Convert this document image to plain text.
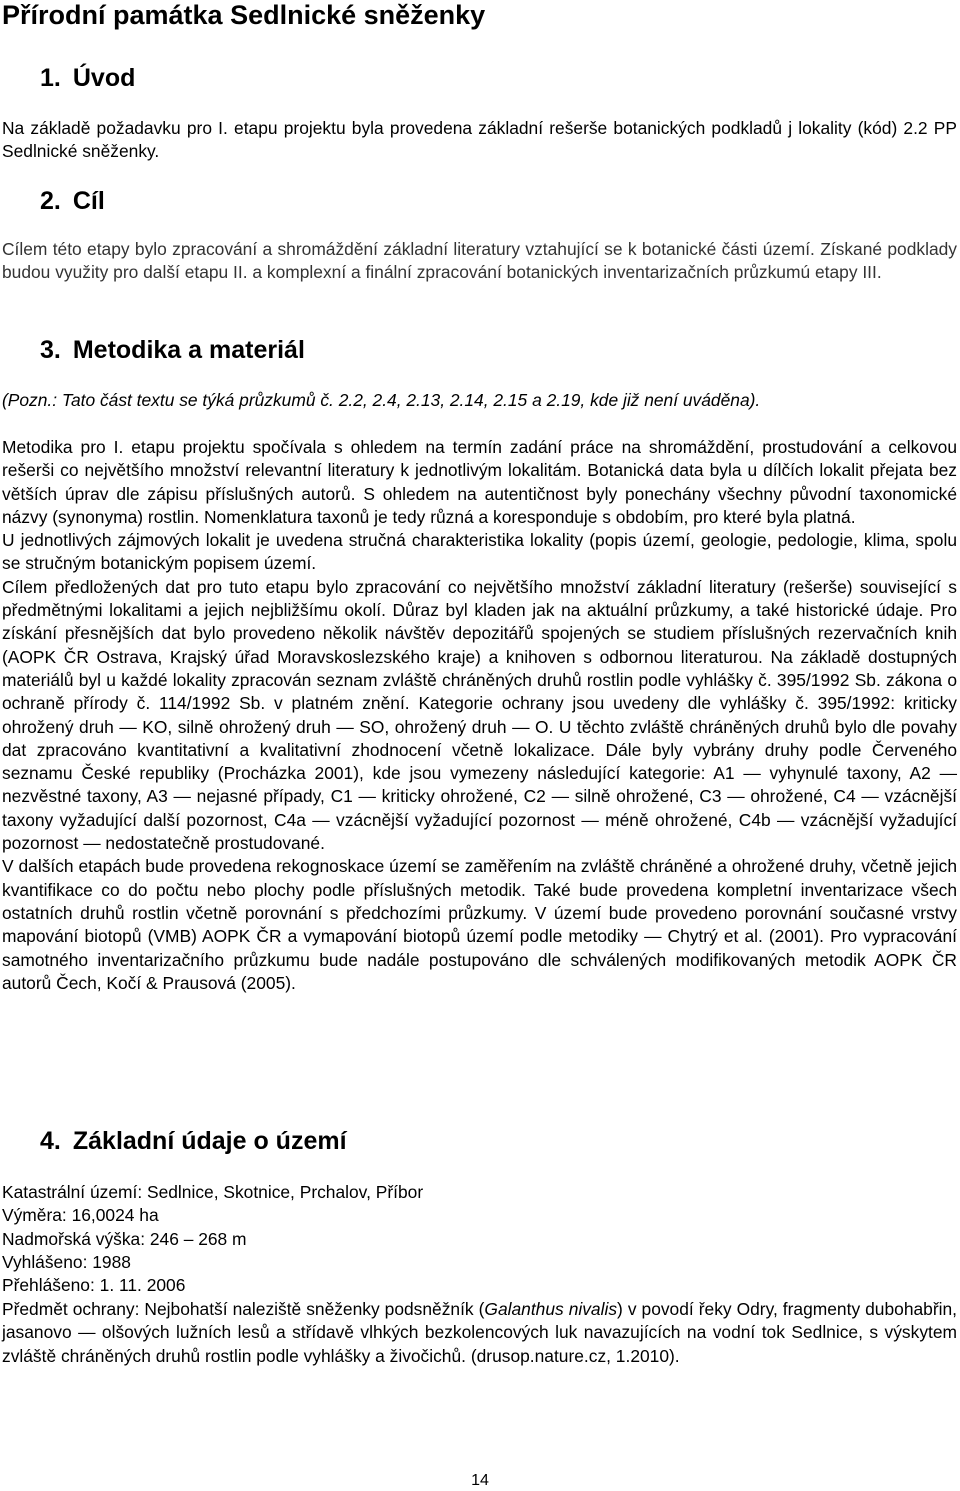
Přírodní památka Sedlnické sněženky
1. Úvod

Na základě požadavku pro I. etapu projektu byla provedena základní rešerše botanických podkladů j lokality (kód) 2.2 PP Sedlnické sněženky.

2. Cíl

Cílem této etapy bylo zpracování a shromáždění základní literatury vztahující se k botanické části území. Získané podklady budou využity pro další etapu II. a komplexní a finální zpracování botanických inventarizačních průzkumú etapy III.

3. Metodika a materiál

(Pozn.: Tato část textu se týká průzkumů č. 2.2, 2.4, 2.13, 2.14, 2.15 a 2.19, kde již není uváděna).

Metodika pro I. etapu projektu spočívala s ohledem na termín zadání práce na shromáždění, prostudování a celkovou rešerši co největšího množství relevantní literatury k jednotlivým lokalitám. Botanická data byla u dílčích lokalit přejata bez větších úprav dle zápisu příslušných autorů. S ohledem na autentičnost byly ponechány všechny původní taxonomické názvy (synonyma) rostlin. Nomenklatura taxonů je tedy různá a koresponduje s obdobím, pro které byla platná.

U jednotlivých zájmových lokalit je uvedena stručná charakteristika lokality (popis území, geologie, pedologie, klima, spolu se stručným botanickým popisem území.

Cílem předložených dat pro tuto etapu bylo zpracování co největšího množství základní literatury (rešerše) související s předmětnými lokalitami a jejich nejbližšímu okolí. Důraz byl kladen jak na aktuální průzkumy, a také historické údaje. Pro získání přesnějších dat bylo provedeno několik návštěv depozitářů spojených se studiem příslušných rezervačních knih (AOPK ČR Ostrava, Krajský úřad Moravskoslezského kraje) a knihoven s odbornou literaturou. Na základě dostupných materiálů byl u každé lokality zpracován seznam zvláště chráněných druhů rostlin podle vyhlášky č. 395/1992 Sb. zákona o ochraně přírody č. 114/1992 Sb. v platném znění. Kategorie ochrany jsou uvedeny dle vyhlášky č. 395/1992: kriticky ohrožený druh — KO, silně ohrožený druh — SO, ohrožený druh — O. U těchto zvláště chráněných druhů bylo dle povahy dat zpracováno kvantitativní a kvalitativní zhodnocení včetně lokalizace. Dále byly vybrány druhy podle Červeného seznamu České republiky (Procházka 2001), kde jsou vymezeny následující kategorie: A1 — vyhynulé taxony, A2 — nezvěstné taxony, A3 — nejasné případy, C1 — kriticky ohrožené, C2 — silně ohrožené, C3 — ohrožené, C4 — vzácnější taxony vyžadující další pozornost, C4a — vzácnější vyžadující pozornost — méně ohrožené, C4b — vzácnější vyžadující pozornost — nedostatečně prostudované.

V dalších etapách bude provedena rekognoskace území se zaměřením na zvláště chráněné a ohrožené druhy, včetně jejich kvantifikace co do počtu nebo plochy podle příslušných metodik. Také bude provedena kompletní inventarizace všech ostatních druhů rostlin včetně porovnání s předchozími průzkumy. V území bude provedeno porovnání současné vrstvy mapování biotopů (VMB) AOPK ČR a vymapování biotopů území podle metodiky — Chytrý et al. (2001). Pro vypracování samotného inventarizačního průzkumu bude nadále postupováno dle schválených modifikovaných metodik AOPK ČR autorů Čech, Kočí & Prausová (2005).

4. Základní údaje o území

Katastrální území: Sedlnice, Skotnice, Prchalov, Příbor

Výměra: 16,0024 ha

Nadmořská výška: 246 – 268 m

Vyhlášeno: 1988

Přehlášeno: 1. 11. 2006

Předmět ochrany: Nejbohatší naleziště sněženky podsněžník (Galanthus nivalis) v povodí řeky Odry, fragmenty dubohabřin, jasanovo — olšových lužních lesů a střídavě vlhkých bezkolencových luk navazujících na vodní tok Sedlnice, s výskytem zvláště chráněných druhů rostlin podle vyhlášky a živočichů. (drusop.nature.cz, 1.2010).

14
